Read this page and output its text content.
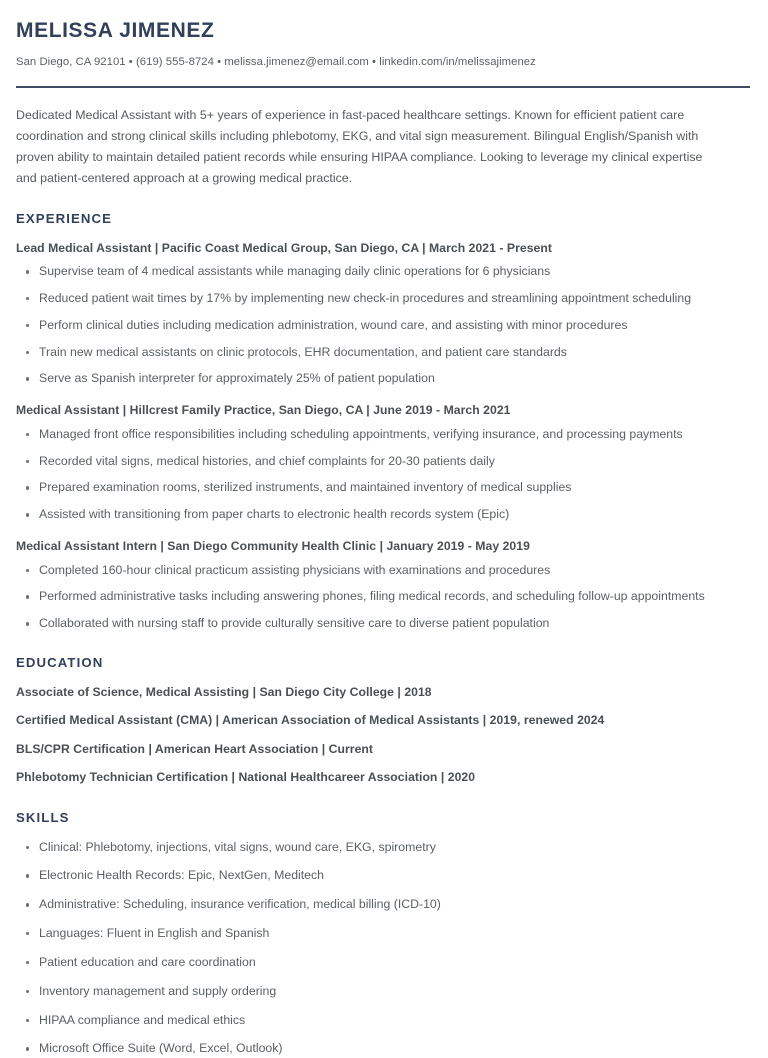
MELISSA JIMENEZ
San Diego, CA 92101 • (619) 555-8724 • melissa.jimenez@email.com • linkedin.com/in/melissajimenez

Dedicated Medical Assistant with 5+ years of experience in fast-paced healthcare settings. Known for efficient patient care coordination and strong clinical skills including phlebotomy, EKG, and vital sign measurement. Bilingual English/Spanish with proven ability to maintain detailed patient records while ensuring HIPAA compliance. Looking to leverage my clinical expertise and patient-centered approach at a growing medical practice.

EXPERIENCE
Lead Medical Assistant | Pacific Coast Medical Group, San Diego, CA | March 2021 - Present
Supervise team of 4 medical assistants while managing daily clinic operations for 6 physicians
Reduced patient wait times by 17% by implementing new check-in procedures and streamlining appointment scheduling
Perform clinical duties including medication administration, wound care, and assisting with minor procedures
Train new medical assistants on clinic protocols, EHR documentation, and patient care standards
Serve as Spanish interpreter for approximately 25% of patient population
Medical Assistant | Hillcrest Family Practice, San Diego, CA | June 2019 - March 2021
Managed front office responsibilities including scheduling appointments, verifying insurance, and processing payments
Recorded vital signs, medical histories, and chief complaints for 20-30 patients daily
Prepared examination rooms, sterilized instruments, and maintained inventory of medical supplies
Assisted with transitioning from paper charts to electronic health records system (Epic)
Medical Assistant Intern | San Diego Community Health Clinic | January 2019 - May 2019
Completed 160-hour clinical practicum assisting physicians with examinations and procedures
Performed administrative tasks including answering phones, filing medical records, and scheduling follow-up appointments
Collaborated with nursing staff to provide culturally sensitive care to diverse patient population
EDUCATION
Associate of Science, Medical Assisting | San Diego City College | 2018
Certified Medical Assistant (CMA) | American Association of Medical Assistants | 2019, renewed 2024
BLS/CPR Certification | American Heart Association | Current
Phlebotomy Technician Certification | National Healthcareer Association | 2020
SKILLS
Clinical: Phlebotomy, injections, vital signs, wound care, EKG, spirometry
Electronic Health Records: Epic, NextGen, Meditech
Administrative: Scheduling, insurance verification, medical billing (ICD-10)
Languages: Fluent in English and Spanish
Patient education and care coordination
Inventory management and supply ordering
HIPAA compliance and medical ethics
Microsoft Office Suite (Word, Excel, Outlook)
